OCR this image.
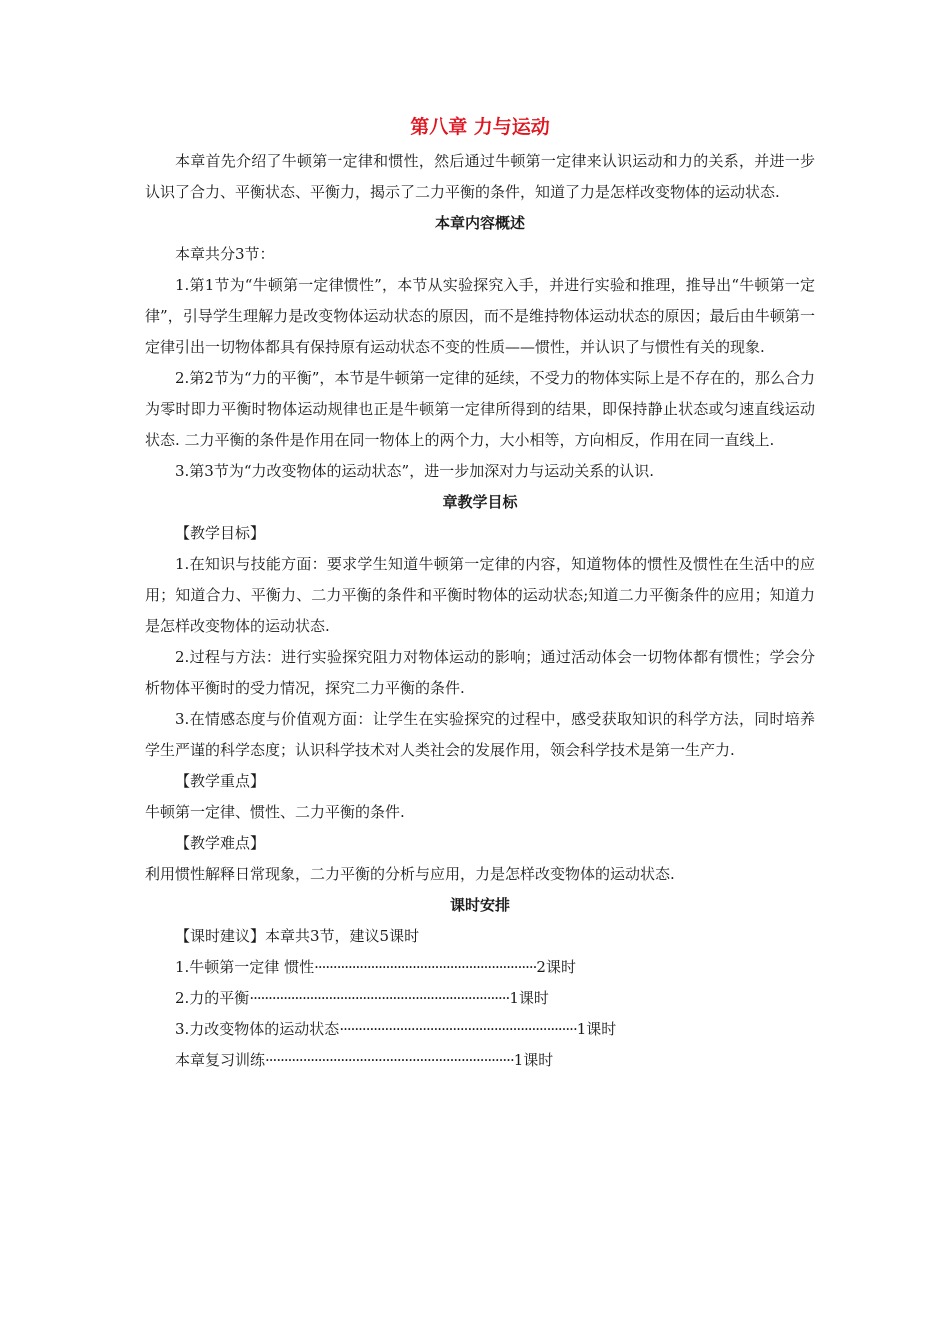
第八章 力与运动

本章首先介绍了牛顿第一定律和惯性，然后通过牛顿第一定律来认识运动和力的关系，并进一步认识了合力、平衡状态、平衡力，揭示了二力平衡的条件，知道了力是怎样改变物体的运动状态.

本章内容概述

本章共分3节：

1.第1节为“牛顿第一定律惯性”，本节从实验探究入手，并进行实验和推理，推导出“牛顿第一定律”，引导学生理解力是改变物体运动状态的原因，而不是维持物体运动状态的原因；最后由牛顿第一定律引出一切物体都具有保持原有运动状态不变的性质——惯性，并认识了与惯性有关的现象.

2.第2节为“力的平衡”，本节是牛顿第一定律的延续，不受力的物体实际上是不存在的，那么合力为零时即力平衡时物体运动规律也正是牛顿第一定律所得到的结果，即保持静止状态或匀速直线运动状态. 二力平衡的条件是作用在同一物体上的两个力，大小相等，方向相反，作用在同一直线上.

3.第3节为“力改变物体的运动状态”，进一步加深对力与运动关系的认识.

章教学目标

【教学目标】

1.在知识与技能方面：要求学生知道牛顿第一定律的内容，知道物体的惯性及惯性在生活中的应用；知道合力、平衡力、二力平衡的条件和平衡时物体的运动状态;知道二力平衡条件的应用；知道力是怎样改变物体的运动状态.

2.过程与方法：进行实验探究阻力对物体运动的影响；通过活动体会一切物体都有惯性；学会分析物体平衡时的受力情况，探究二力平衡的条件.

3.在情感态度与价值观方面：让学生在实验探究的过程中，感受获取知识的科学方法，同时培养学生严谨的科学态度；认识科学技术对人类社会的发展作用，领会科学技术是第一生产力.

【教学重点】

牛顿第一定律、惯性、二力平衡的条件.

【教学难点】

利用惯性解释日常现象，二力平衡的分析与应用，力是怎样改变物体的运动状态.

课时安排

【课时建议】本章共3节，建议5课时

1.牛顿第一定律 惯性···························································2课时
2.力的平衡·····································································1课时
3.力改变物体的运动状态·······························································1课时
本章复习训练··································································1课时
